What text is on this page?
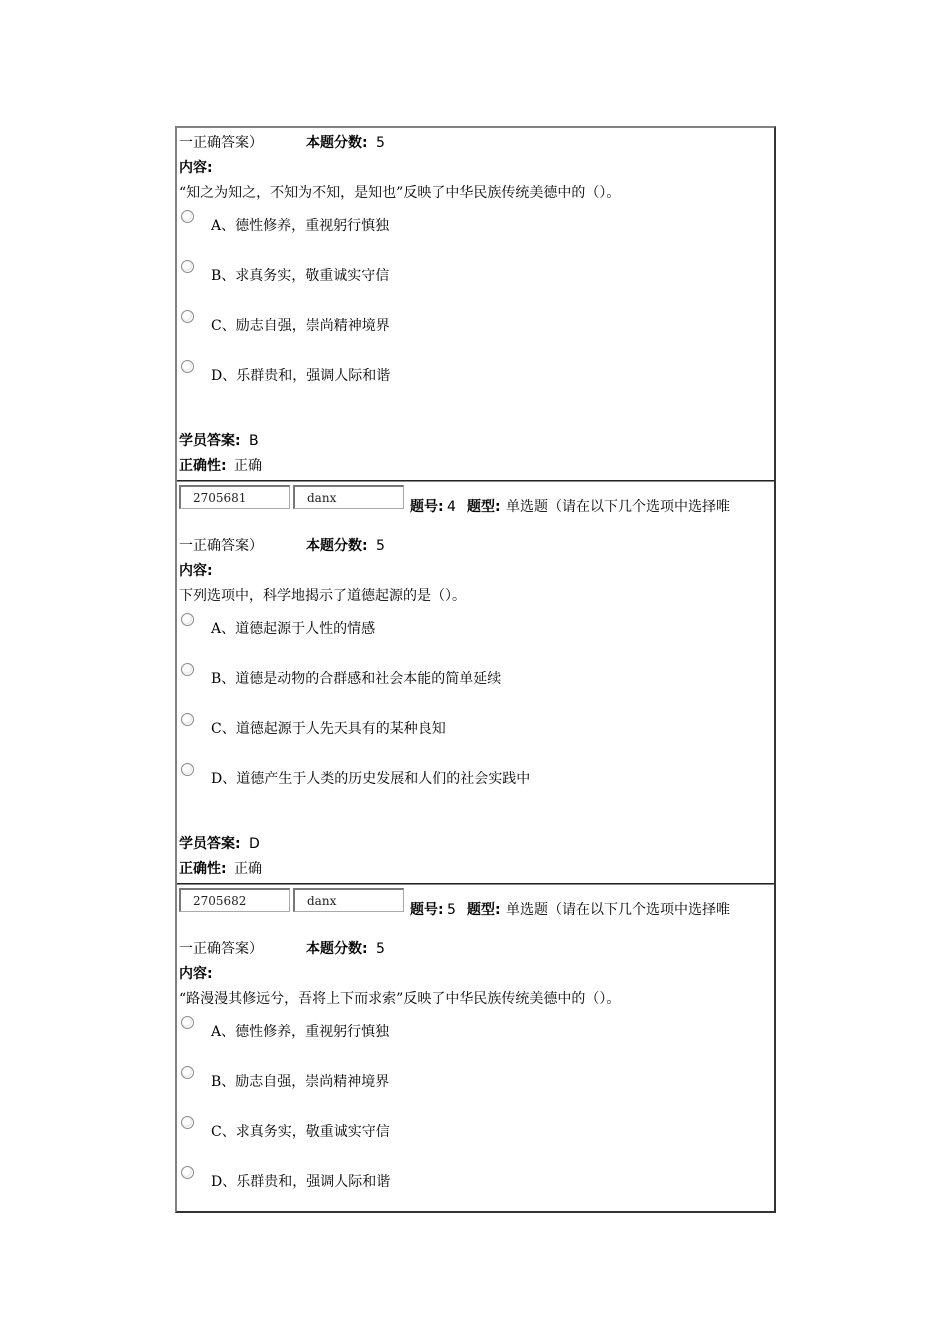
一正确答案）	本题分数: 5
内容:
“知之为知之，不知为不知，是知也”反映了中华民族传统美德中的（）。
A、德性修养，重视躬行慎独
B、求真务实，敬重诚实守信
C、励志自强，崇尚精神境界
D、乐群贵和，强调人际和谐
学员答案: B
正确性: 正确
2705681	danx
题号: 4 题型: 单选题（请在以下几个选项中选择唯
一正确答案）	本题分数: 5
内容:
下列选项中，科学地揭示了道德起源的是（）。
A、道德起源于人性的情感
B、道德是动物的合群感和社会本能的简单延续
C、道德起源于人先天具有的某种良知
D、道德产生于人类的历史发展和人们的社会实践中
学员答案: D
正确性: 正确
2705682	danx
题号: 5 题型: 单选题（请在以下几个选项中选择唯
一正确答案）	本题分数: 5
内容:
“路漫漫其修远兮，吾将上下而求索”反映了中华民族传统美德中的（）。
A、德性修养，重视躬行慎独
B、励志自强，崇尚精神境界
C、求真务实，敬重诚实守信
D、乐群贵和，强调人际和谐
